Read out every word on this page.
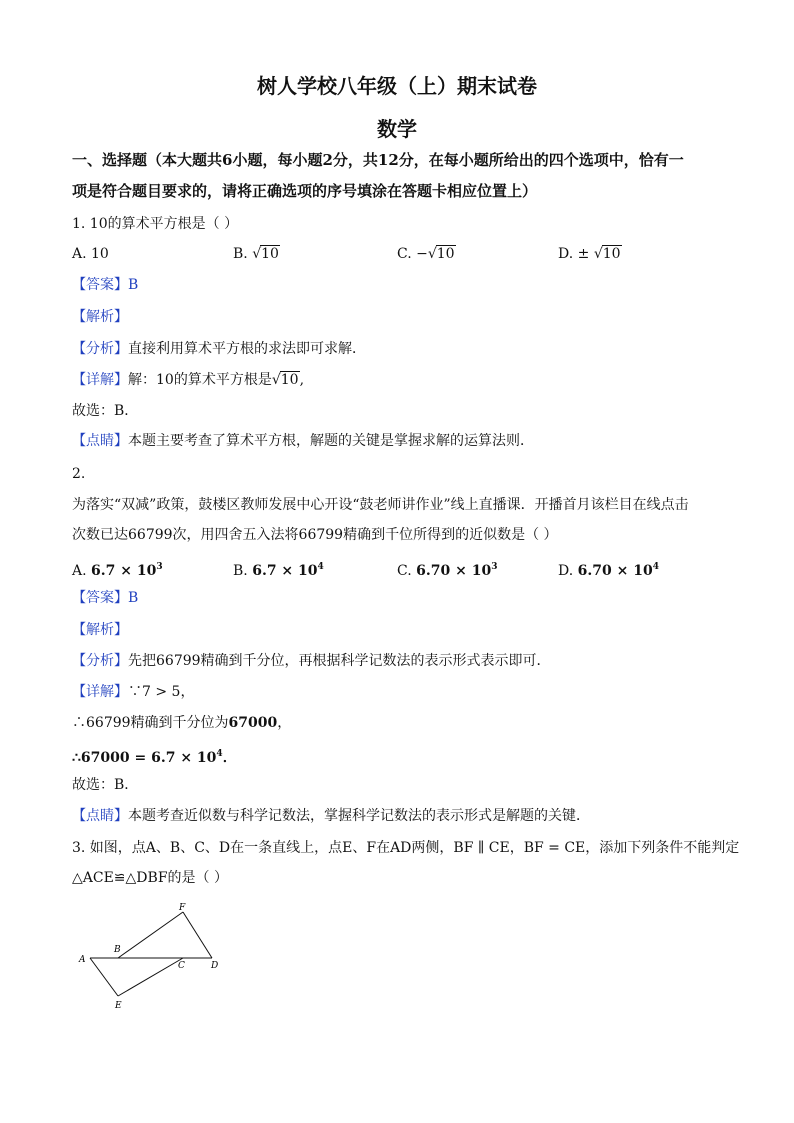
树人学校八年级（上）期末试卷
数学
一、选择题（本大题共6小题，每小题2分，共12分，在每小题所给出的四个选项中，恰有一
项是符合题目要求的，请将正确选项的序号填涂在答题卡相应位置上）
1. 10的算术平方根是（ ）
A. 10	B. √10	C. −√10	D. ± √10
【答案】B
【解析】
【分析】直接利用算术平方根的求法即可求解．
【详解】解：10的算术平方根是√10,
故选：B．
【点睛】本题主要考查了算术平方根，解题的关键是掌握求解的运算法则．
2.
为落实“双减”政策，鼓楼区教师发展中心开设“鼓老师讲作业”线上直播课．开播首月该栏目在线点击
次数已达66799次，用四舍五入法将66799精确到千位所得到的近似数是（ ）
A. $6.7 \times 10^3$	B. $6.7 \times 10^4$	C. $6.70 \times 10^3$	D. $6.70 \times 10^4$
【答案】B
【解析】
【分析】先把66799精确到千分位，再根据科学记数法的表示形式表示即可．
【详解】∵7 > 5，
∴66799精确到千分位为67000，
∴67000 = $6.7 \times 10^4$．
故选：B．
【点睛】本题考查近似数与科学记数法，掌握科学记数法的表示形式是解题的关键．
3. 如图，点A、B、C、D在一条直线上，点E、F在AD两侧，BF ∥ CE，BF = CE，添加下列条件不能判定
△ACE≌△DBF的是（ ）
A
B
C	D
E
F
